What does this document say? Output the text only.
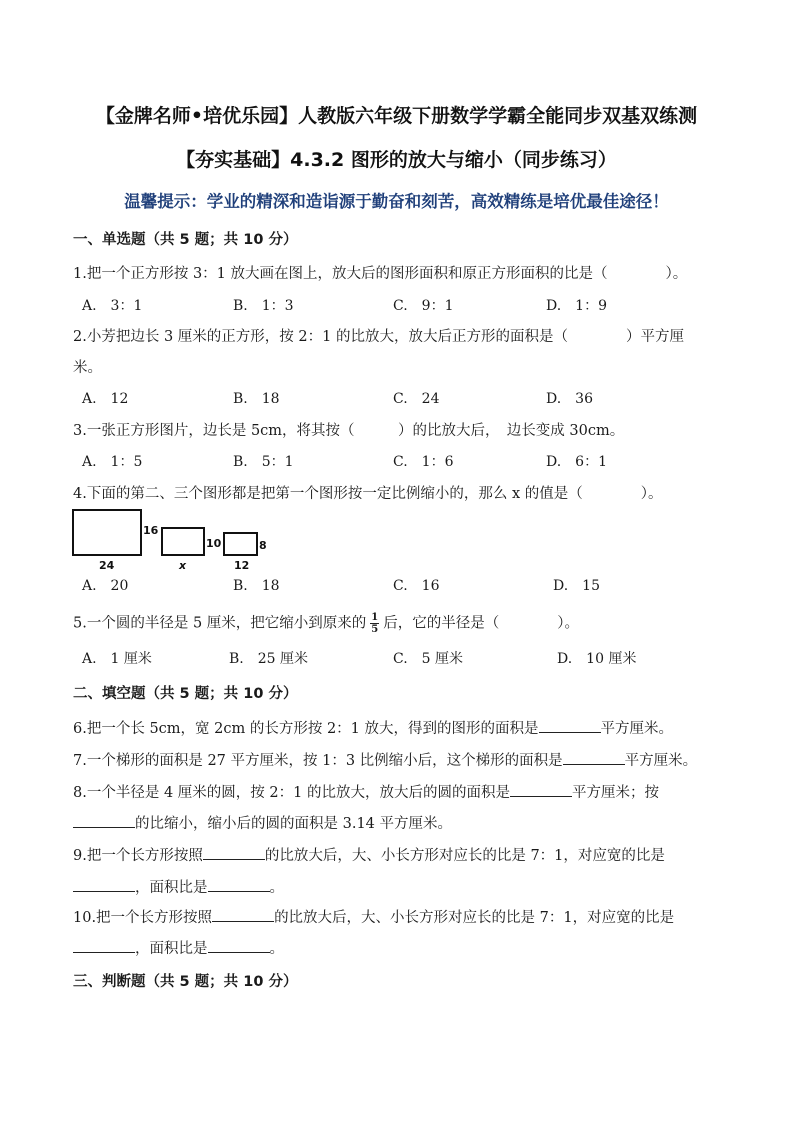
【金牌名师•培优乐园】人教版六年级下册数学学霸全能同步双基双练测
【夯实基础】4.3.2 图形的放大与缩小（同步练习）
温馨提示：学业的精深和造诣源于勤奋和刻苦，高效精练是培优最佳途径！
一、单选题（共 5 题；共 10 分）
1.把一个正方形按 3：1 放大画在图上，放大后的图形面积和原正方形面积的比是（　　　　）。
A.　3：1	B.　1：3	C.　9：1	D.　1：9
2.小芳把边长 3 厘米的正方形，按 2：1 的比放大，放大后正方形的面积是（　　　　）平方厘
米。
A.　12	B.　18	C.　24	D.　36
3.一张正方形图片，边长是 5cm，将其按（　　　）的比放大后，　边长变成 30cm。
A.　1：5	B.　5：1	C.　1：6	D.　6：1
4.下面的第二、三个图形都是把第一个图形按一定比例缩小的，那么 x 的值是（　　　　）。
16
24
10
x
8
12
A.　20	B.　18	C.　16	D.　15
5.一个圆的半径是 5 厘米，把它缩小到原来的 $\frac{1}{5}$ 后，它的半径是（　　　　）。
A.　1 厘米	B.　25 厘米	C.　5 厘米	D.　10 厘米
二、填空题（共 5 题；共 10 分）
6.把一个长 5cm，宽 2cm 的长方形按 2：1 放大，得到的图形的面积是	平方厘米。
7.一个梯形的面积是 27 平方厘米，按 1：3 比例缩小后，这个梯形的面积是	平方厘米。
8.一个半径是 4 厘米的圆，按 2：1 的比放大，放大后的圆的面积是	平方厘米；按
的比缩小，缩小后的圆的面积是 3.14 平方厘米。
9.把一个长方形按照	的比放大后，大、小长方形对应长的比是 7：1，对应宽的比是
，面积比是	。
10.把一个长方形按照	的比放大后，大、小长方形对应长的比是 7：1，对应宽的比是
，面积比是	。
三、判断题（共 5 题；共 10 分）
